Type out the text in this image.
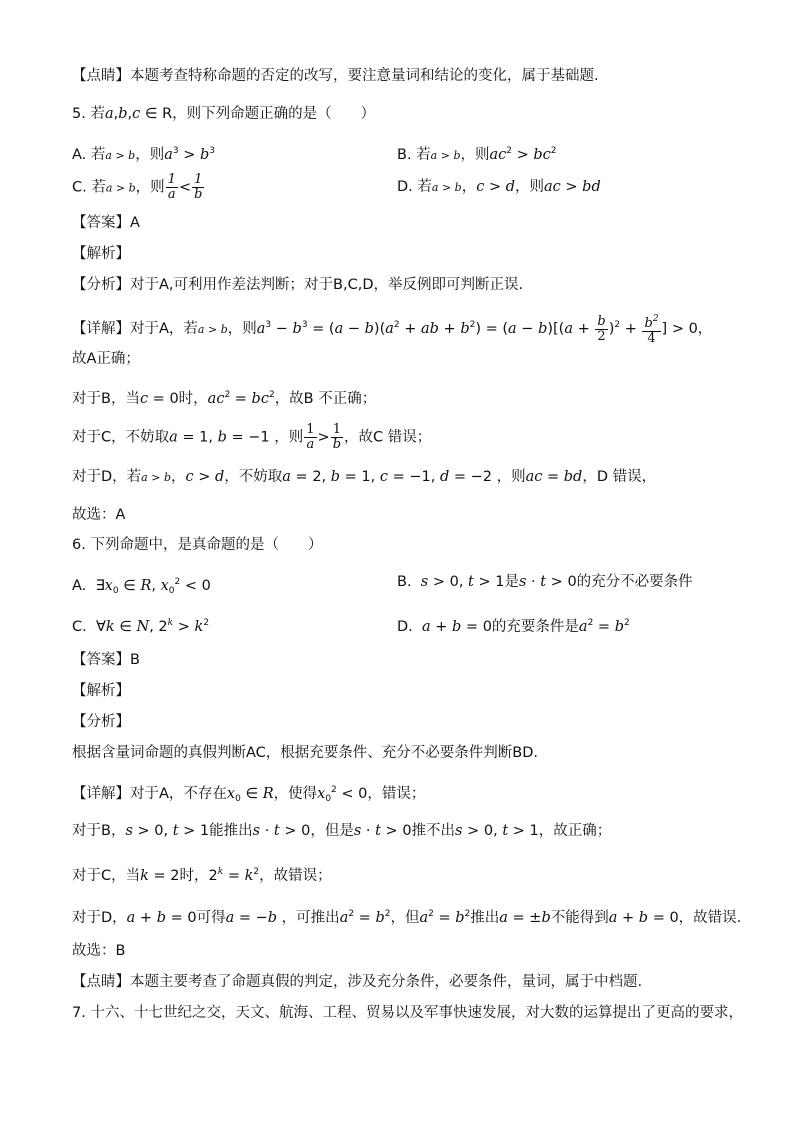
【点睛】本题考查特称命题的否定的改写，要注意量词和结论的变化，属于基础题.
5. 若a,b,c ∈ R，则下列命题正确的是（　　）
A. 若a > b，则$a^3 > b^3$	B. 若a > b，则$ac^2 > bc^2$
C. 若a > b，则 $\frac{1}{a} < \frac{1}{b}$	D. 若a > b，c > d，则ac > bd
【答案】A
【解析】
【分析】对于A,可利用作差法判断；对于B,C,D，举反例即可判断正误.
【详解】对于A，若a > b，则$a^3 - b^3 = (a - b)(a^2$ + ab + $b^2) = (a - b)[(a + \frac{b}{2} )^2 + \frac{b^2}{4}$ ] > 0，
故A正确；
对于B，当c = 0时，$ac^2 = bc^2$，故B 不正确；
对于C，不妨取a = 1, b = −1 ，则 $\frac{1}{a} > \frac{1}{b}$ ，故C 错误；
对于D，若a > b，c > d，不妨取a = 2, b = 1, c = −1, d = −2 ，则ac = bd，D 错误，
故选：A
6. 下列命题中，是真命题的是（　　）
A.  $\exists x_0$ ∈ R, $x_0^2 < 0$	B.  s > 0, t > 1是s · t > 0的充分不必要条件
C.  ∀k ∈ N, $2^k > k^2$	D.  a + b = 0的充要条件是$a^2 = b^2$
【答案】B
【解析】
【分析】
根据含量词命题的真假判断AC，根据充要条件、充分不必要条件判断BD.
【详解】对于A，不存在$x_0$ ∈ R，使得$x_0^2 < 0$，错误；
对于B，s > 0, t > 1能推出s · t > 0，但是s · t > 0推不出s > 0, t > 1，故正确；
对于C，当k = 2时，$2^k = k^2$，故错误；
对于D，a + b = 0可得a = −b ，可推出$a^2 = b^2$，但$a^2 = b^2$推出a = ±b不能得到a + b = 0，故错误.
故选：B
【点睛】本题主要考查了命题真假的判定，涉及充分条件，必要条件，量词，属于中档题.
7. 十六、十七世纪之交，天文、航海、工程、贸易以及军事快速发展，对大数的运算提出了更高的要求，
